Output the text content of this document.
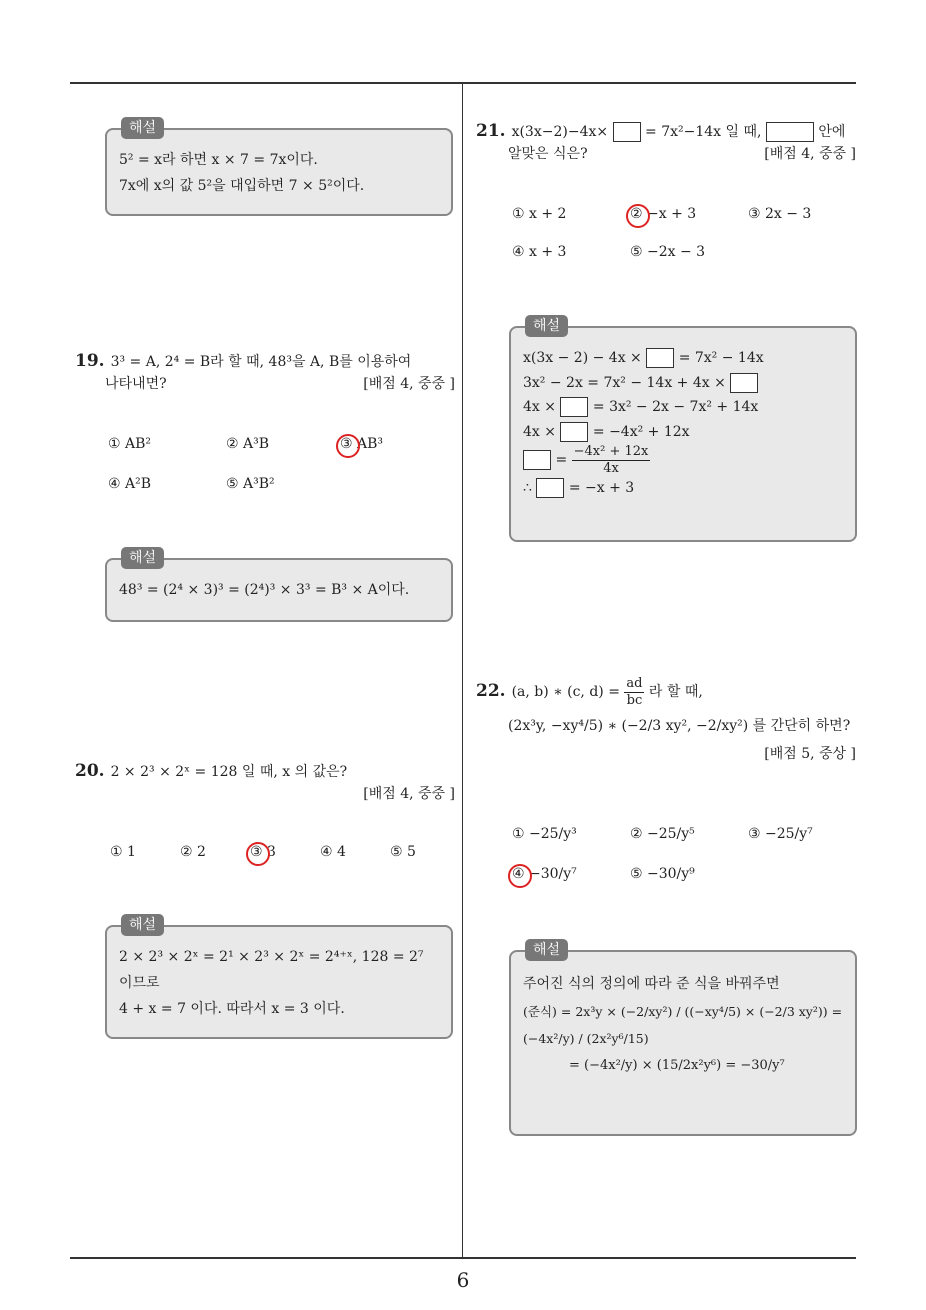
해설
5² = x라 하면 x × 7 = 7x이다.
7x에 x의 값 5²을 대입하면 7 × 5²이다.
19. 3³ = A, 2⁴ = B라 할 때, 48³을 A, B를 이용하여
나타내면?	[배점 4, 중중 ]
① AB²	② A³B	③ AB³
④ A²B	⑤ A³B²
해설
48³ = (2⁴ × 3)³ = (2⁴)³ × 3³ = B³ × A이다.
20. 2 × 2³ × 2ˣ = 128 일 때, x 의 값은?
[배점 4, 중중 ]
① 1	② 2	③ 3	④ 4	⑤ 5
해설
2 × 2³ × 2ˣ = 2¹ × 2³ × 2ˣ = 2⁴⁺ˣ, 128 = 2⁷
이므로
4 + x = 7 이다. 따라서 x = 3 이다.
21. x(3x−2)−4x×	= 7x²−14x 일 때,	안에
알맞은 식은?	[배점 4, 중중 ]
① x + 2	② −x + 3	③ 2x − 3
④ x + 3	⑤ −2x − 3
해설
x(3x − 2) − 4x ×	= 7x² − 14x
3x² − 2x = 7x² − 14x + 4x ×
4x ×	= 3x² − 2x − 7x² + 14x
4x ×	= −4x² + 12x
= $\frac{\text{−4x² + 12x}}{4x}$
∴	= −x + 3
22. (a, b) ∗ (c, $d) = \frac{ad}{bc}$ 라 할 때,
(2x³y, −xy⁴/5) ∗ (−2/3 xy², −2/xy²) 를 간단히 하면?
[배점 5, 중상 ]
① −25/y³	② −25/y⁵	③ −25/y⁷
④ −30/y⁷	⑤ −30/y⁹
해설
주어진 식의 정의에 따라 준 식을 바꿔주면
(준식) = 2x³y × (−2/xy²) / ((−xy⁴/5) × (−2/3 xy²)) = (−4x²/y) / (2x²y⁶/15)
= (−4x²/y) × (15/2x²y⁶) = −30/y⁷
6
